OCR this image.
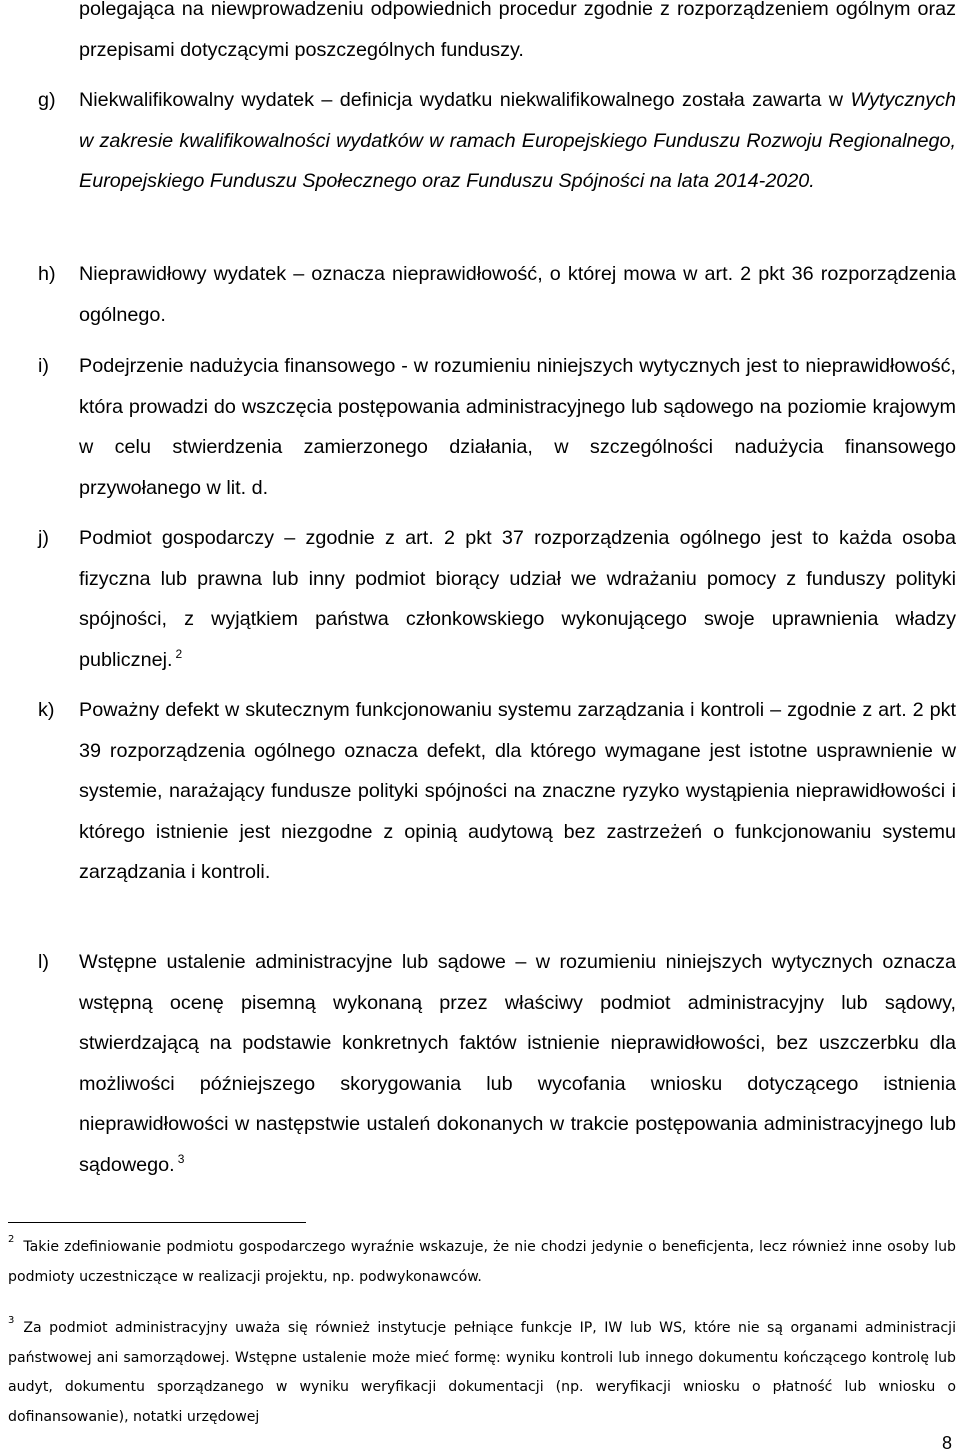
polegająca na niewprowadzeniu odpowiednich procedur zgodnie z rozporządzeniem ogólnym oraz przepisami dotyczącymi poszczególnych funduszy.
g) Niekwalifikowalny wydatek – definicja wydatku niekwalifikowalnego została zawarta w Wytycznych w zakresie kwalifikowalności wydatków w ramach Europejskiego Funduszu Rozwoju Regionalnego, Europejskiego Funduszu Społecznego oraz Funduszu Spójności na lata 2014-2020.
h) Nieprawidłowy wydatek – oznacza nieprawidłowość, o której mowa w art. 2 pkt 36 rozporządzenia ogólnego.
i) Podejrzenie nadużycia finansowego - w rozumieniu niniejszych wytycznych jest to nieprawidłowość, która prowadzi do wszczęcia postępowania administracyjnego lub sądowego na poziomie krajowym w celu stwierdzenia zamierzonego działania, w szczególności nadużycia finansowego przywołanego w lit. d.
j) Podmiot gospodarczy – zgodnie z art. 2 pkt 37 rozporządzenia ogólnego jest to każda osoba fizyczna lub prawna lub inny podmiot biorący udział we wdrażaniu pomocy z funduszy polityki spójności, z wyjątkiem państwa członkowskiego wykonującego swoje uprawnienia władzy publicznej. $^2$
k) Poważny defekt w skutecznym funkcjonowaniu systemu zarządzania i kontroli – zgodnie z art. 2 pkt 39 rozporządzenia ogólnego oznacza defekt, dla którego wymagane jest istotne usprawnienie w systemie, narażający fundusze polityki spójności na znaczne ryzyko wystąpienia nieprawidłowości i którego istnienie jest niezgodne z opinią audytową bez zastrzeżeń o funkcjonowaniu systemu zarządzania i kontroli.
l) Wstępne ustalenie administracyjne lub sądowe – w rozumieniu niniejszych wytycznych oznacza wstępną ocenę pisemną wykonaną przez właściwy podmiot administracyjny lub sądowy, stwierdzającą na podstawie konkretnych faktów istnienie nieprawidłowości, bez uszczerbku dla możliwości późniejszego skorygowania lub wycofania wniosku dotyczącego istnienia nieprawidłowości w następstwie ustaleń dokonanych w trakcie postępowania administracyjnego lub sądowego. $^3$
$^2$ Takie zdefiniowanie podmiotu gospodarczego wyraźnie wskazuje, że nie chodzi jedynie o beneficjenta, lecz również inne osoby lub podmioty uczestniczące w realizacji projektu, np. podwykonawców.
$^3$ Za podmiot administracyjny uważa się również instytucje pełniące funkcje IP, IW lub WS, które nie są organami administracji państwowej ani samorządowej. Wstępne ustalenie może mieć formę: wyniku kontroli lub innego dokumentu kończącego kontrolę lub audyt, dokumentu sporządzanego w wyniku weryfikacji dokumentacji (np. weryfikacji wniosku o płatność lub wniosku o dofinansowanie), notatki urzędowej
8
